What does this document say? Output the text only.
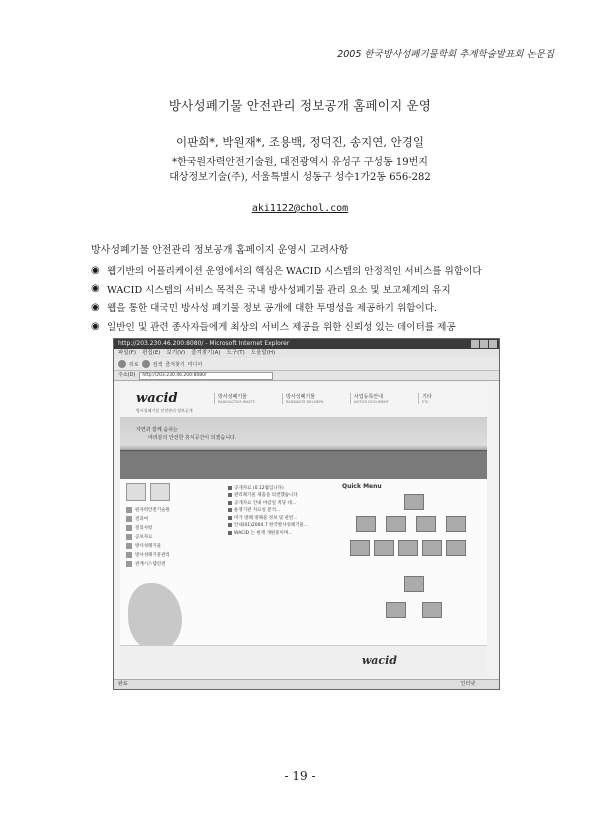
2005 한국방사성폐기물학회 추계학술발표회 논문집
방사성폐기물 안전관리 정보공개 홈페이지 운영
이판희*, 박원재*, 조용백, 정덕진, 송지연, 안경일
*한국원자력안전기술원, 대전광역시 유성구 구성동 19번지
대상정보기술(주), 서울특별시 성동구 성수1가2동 656-282
aki1122@chol.com
방사성폐기물 안전관리 정보공개 홈페이지 운영시 고려사항
◉ 웹기반의 어플리케이션 운영에서의 핵심은 WACID 시스템의 안정적인 서비스를 위함이다
◉ WACID 시스템의 서비스 목적은 국내 방사성폐기물 관리 요소 및 보고체계의 유지
◉ 웹을 통한 대국민 방사성 폐기물 정보 공개에 대한 투명성을 제공하기 위함이다.
◉ 일반인 및 관련 종사자들에게 최상의 서비스 제공을 위한 신뢰성 있는 데이터를 제공
http://203.230.46.200:8080/ - Microsoft Internet Explorer
파일(F) 편집(E) 보기(V) 즐겨찾기(A) 도구(T) 도움말(H)
뒤로	검색 즐겨찾기 미디어
주소(D)	http://203.230.46.200:8080/
wacid
방사성폐기물 안전관리 정보공개
방사성폐기물
RADIOACTIVE WASTE
방사성폐기물
RADWASTE DELIVERY
사업등록안내
NOTICE DOCUMENT
기타
ETC
자연과 함께 숨쉬는
여러분의 안전한 휴식공간이 되겠습니다.
원자력안전기술원
결과여
질의사항
공보자료
방사성폐기물
방사성폐기물관리
관계시스템연결
공개자료 (0.12월입니다)
관리폐기물 제출을 의결했습니다
공개자료 안내 마감일 적당 대...
운영기관 자료실 분석...
미가 방폐 방폐물 정보 및 관련...
안내(01)2004.7 한국방사성폐기물...
WACID 는 현재 개편중이며...
Quick Menu
wacid
완료	인터넷
- 19 -
